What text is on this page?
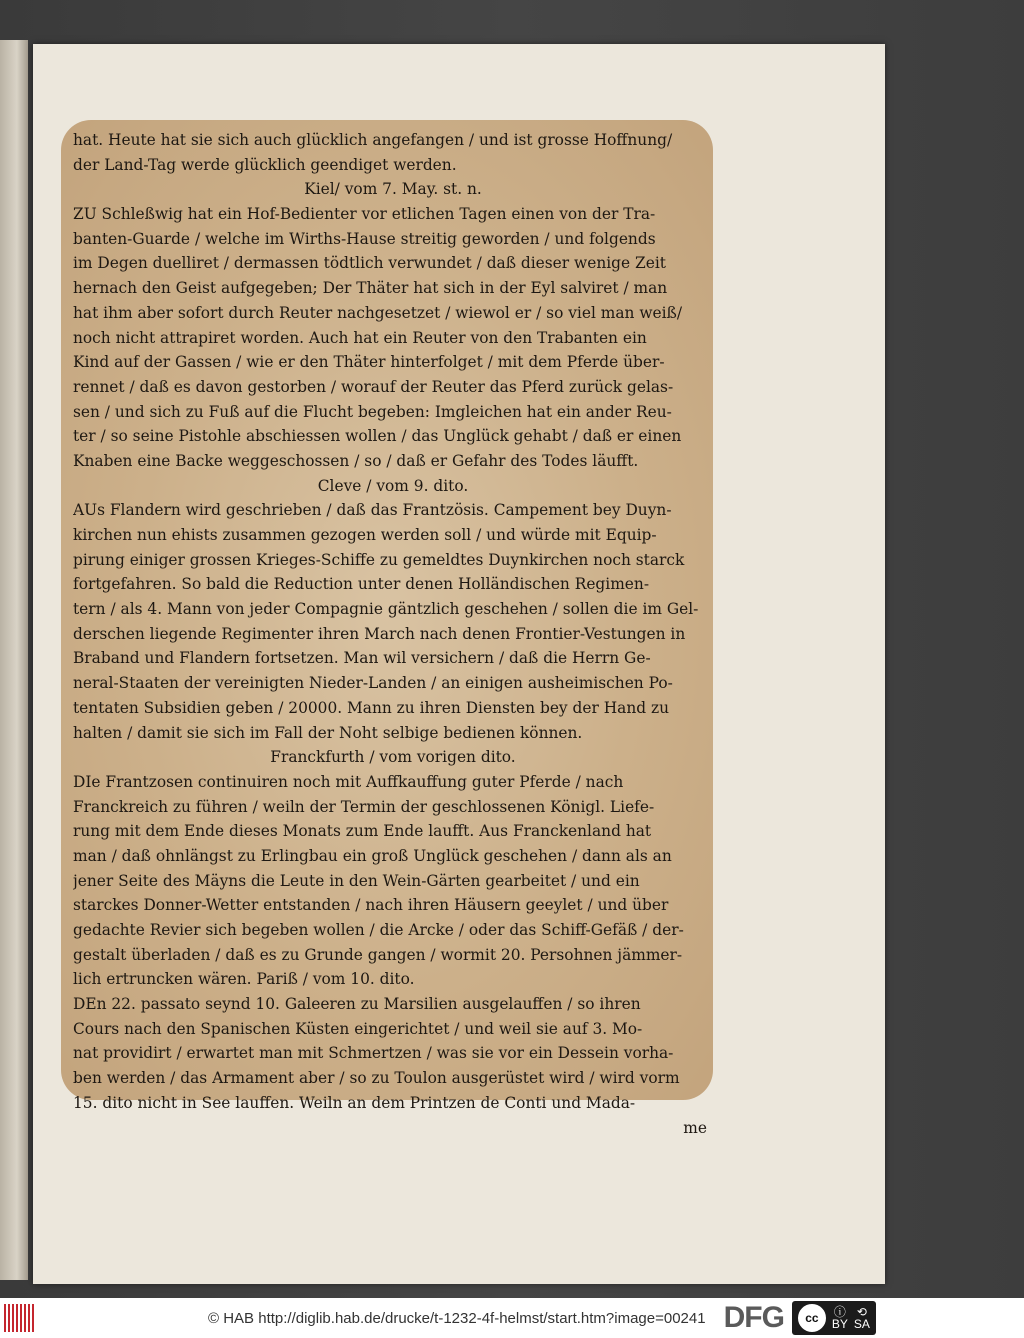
hat. Heute hat sie sich auch glücklich angefangen / und ist grosse Hoffnung/
der Land-Tag werde glücklich geendiget werden.
Kiel/ vom 7. May. st. n.
ZU Schleßwig hat ein Hof-Bedienter vor etlichen Tagen einen von der Tra-
banten-Guarde / welche im Wirths-Hause streitig geworden / und folgends
im Degen duelliret / dermassen tödtlich verwundet / daß dieser wenige Zeit
hernach den Geist aufgegeben; Der Thäter hat sich in der Eyl salviret / man
hat ihm aber sofort durch Reuter nachgesetzet / wiewol er / so viel man weiß/
noch nicht attrapiret worden. Auch hat ein Reuter von den Trabanten ein
Kind auf der Gassen / wie er den Thäter hinterfolget / mit dem Pferde über-
rennet / daß es davon gestorben / worauf der Reuter das Pferd zurück gelas-
sen / und sich zu Fuß auf die Flucht begeben: Imgleichen hat ein ander Reu-
ter / so seine Pistohle abschiessen wollen / das Unglück gehabt / daß er einen
Knaben eine Backe weggeschossen / so / daß er Gefahr des Todes läufft.
Cleve / vom 9. dito.
AUs Flandern wird geschrieben / daß das Frantzösis. Campement bey Duyn-
kirchen nun ehists zusammen gezogen werden soll / und würde mit Equip-
pirung einiger grossen Krieges-Schiffe zu gemeldtes Duynkirchen noch starck
fortgefahren. So bald die Reduction unter denen Holländischen Regimen-
tern / als 4. Mann von jeder Compagnie gäntzlich geschehen / sollen die im Gel-
derschen liegende Regimenter ihren March nach denen Frontier-Vestungen in
Braband und Flandern fortsetzen. Man wil versichern / daß die Herrn Ge-
neral-Staaten der vereinigten Nieder-Landen / an einigen ausheimischen Po-
tentaten Subsidien geben / 20000. Mann zu ihren Diensten bey der Hand zu
halten / damit sie sich im Fall der Noht selbige bedienen können.
Franckfurth / vom vorigen dito.
DIe Frantzosen continuiren noch mit Auffkauffung guter Pferde / nach
Franckreich zu führen / weiln der Termin der geschlossenen Königl. Liefe-
rung mit dem Ende dieses Monats zum Ende laufft. Aus Franckenland hat
man / daß ohnlängst zu Erlingbau ein groß Unglück geschehen / dann als an
jener Seite des Mäyns die Leute in den Wein-Gärten gearbeitet / und ein
starckes Donner-Wetter entstanden / nach ihren Häusern geeylet / und über
gedachte Revier sich begeben wollen / die Arcke / oder das Schiff-Gefäß / der-
gestalt überladen / daß es zu Grunde gangen / wormit 20. Persohnen jämmer-
lich ertruncken wären. Pariß / vom 10. dito.
DEn 22. passato seynd 10. Galeeren zu Marsilien ausgelauffen / so ihren
Cours nach den Spanischen Küsten eingerichtet / und weil sie auf 3. Mo-
nat providirt / erwartet man mit Schmertzen / was sie vor ein Dessein vorha-
ben werden / das Armament aber / so zu Toulon ausgerüstet wird / wird vorm
15. dito nicht in See lauffen. Weiln an dem Printzen de Conti und Mada-
me
© HAB http://diglib.hab.de/drucke/t-1232-4f-helmst/start.htm?image=00241 DFG	cc	ⓘ
BY
⟲
SA
